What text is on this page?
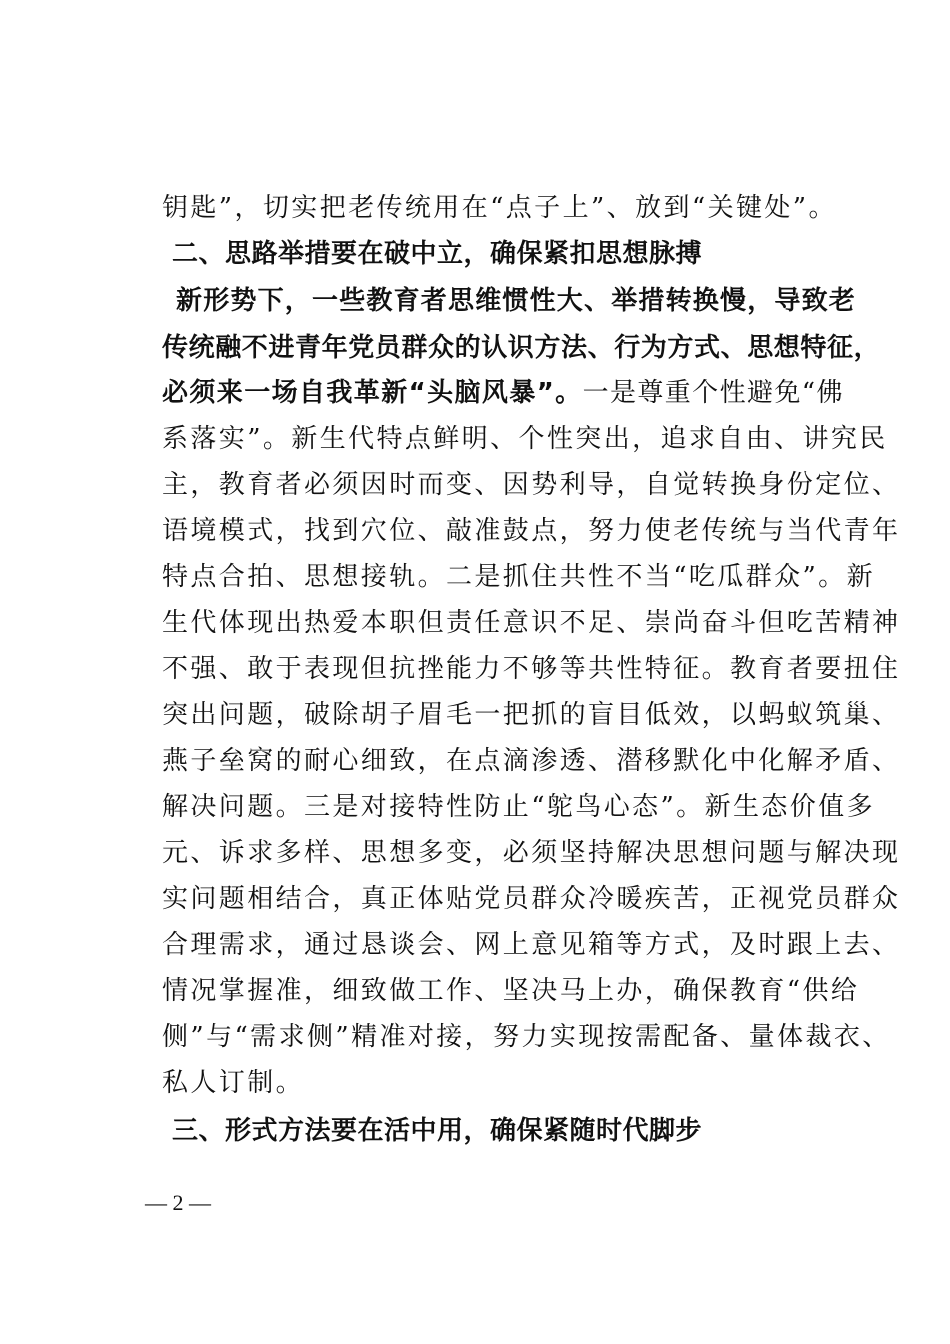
钥匙”，切实把老传统用在“点子上”、放到“关键处”。
二、思路举措要在破中立，确保紧扣思想脉搏
新形势下，一些教育者思维惯性大、举措转换慢，导致老
传统融不进青年党员群众的认识方法、行为方式、思想特征，
必须来一场自我革新“头脑风暴”。一是尊重个性避免“佛
系落实”。新生代特点鲜明、个性突出，追求自由、讲究民
主，教育者必须因时而变、因势利导，自觉转换身份定位、
语境模式，找到穴位、敲准鼓点，努力使老传统与当代青年
特点合拍、思想接轨。二是抓住共性不当“吃瓜群众”。新
生代体现出热爱本职但责任意识不足、崇尚奋斗但吃苦精神
不强、敢于表现但抗挫能力不够等共性特征。教育者要扭住
突出问题，破除胡子眉毛一把抓的盲目低效，以蚂蚁筑巢、
燕子垒窝的耐心细致，在点滴渗透、潜移默化中化解矛盾、
解决问题。三是对接特性防止“鸵鸟心态”。新生态价值多
元、诉求多样、思想多变，必须坚持解决思想问题与解决现
实问题相结合，真正体贴党员群众冷暖疾苦，正视党员群众
合理需求，通过恳谈会、网上意见箱等方式，及时跟上去、
情况掌握准，细致做工作、坚决马上办，确保教育“供给
侧”与“需求侧”精准对接，努力实现按需配备、量体裁衣、
私人订制。
三、形式方法要在活中用，确保紧随时代脚步
— 2 —
